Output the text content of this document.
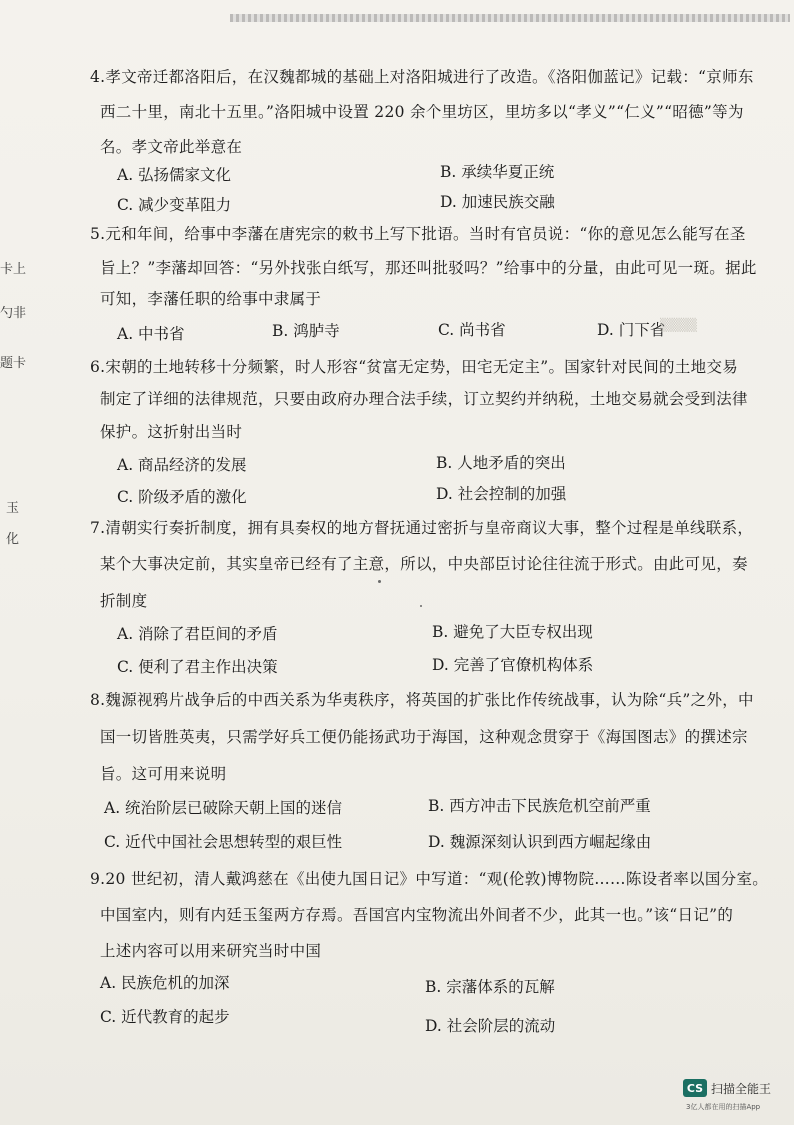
卡上
勺非
题卡
玉
化
4.孝文帝迁都洛阳后，在汉魏都城的基础上对洛阳城进行了改造。《洛阳伽蓝记》记载：“京师东
西二十里，南北十五里。”洛阳城中设置 220 余个里坊区，里坊多以“孝义”“仁义”“昭德”等为
名。孝文帝此举意在
A. 弘扬儒家文化	B. 承续华夏正统
C. 减少变革阻力	D. 加速民族交融
5.元和年间，给事中李藩在唐宪宗的敕书上写下批语。当时有官员说：“你的意见怎么能写在圣
旨上？”李藩却回答：“另外找张白纸写，那还叫批驳吗？”给事中的分量，由此可见一斑。据此
可知，李藩任职的给事中隶属于
A. 中书省	B. 鸿胪寺	C. 尚书省	D. 门下省
▒▒▒▒
6.宋朝的土地转移十分频繁，时人形容“贫富无定势，田宅无定主”。国家针对民间的土地交易
制定了详细的法律规范，只要由政府办理合法手续，订立契约并纳税，土地交易就会受到法律
保护。这折射出当时
A. 商品经济的发展	B. 人地矛盾的突出
C. 阶级矛盾的激化	D. 社会控制的加强
7.清朝实行奏折制度，拥有具奏权的地方督抚通过密折与皇帝商议大事，整个过程是单线联系，
某个大事决定前，其实皇帝已经有了主意，所以，中央部臣讨论往往流于形式。由此可见，奏
折制度
A. 消除了君臣间的矛盾	B. 避免了大臣专权出现
C. 便利了君主作出决策	D. 完善了官僚机构体系
8.魏源视鸦片战争后的中西关系为华夷秩序，将英国的扩张比作传统战事，认为除“兵”之外，中
国一切皆胜英夷，只需学好兵工便仍能扬武功于海国，这种观念贯穿于《海国图志》的撰述宗
旨。这可用来说明
A. 统治阶层已破除天朝上国的迷信	B. 西方冲击下民族危机空前严重
C. 近代中国社会思想转型的艰巨性	D. 魏源深刻认识到西方崛起缘由
9.20 世纪初，清人戴鸿慈在《出使九国日记》中写道：“观(伦敦)博物院……陈设者率以国分室。
中国室内，则有内廷玉玺两方存焉。吾国宫内宝物流出外间者不少，此其一也。”该“日记”的
上述内容可以用来研究当时中国
A. 民族危机的加深	B. 宗藩体系的瓦解
C. 近代教育的起步	D. 社会阶层的流动
CS 扫描全能王
3亿人都在用的扫描App
